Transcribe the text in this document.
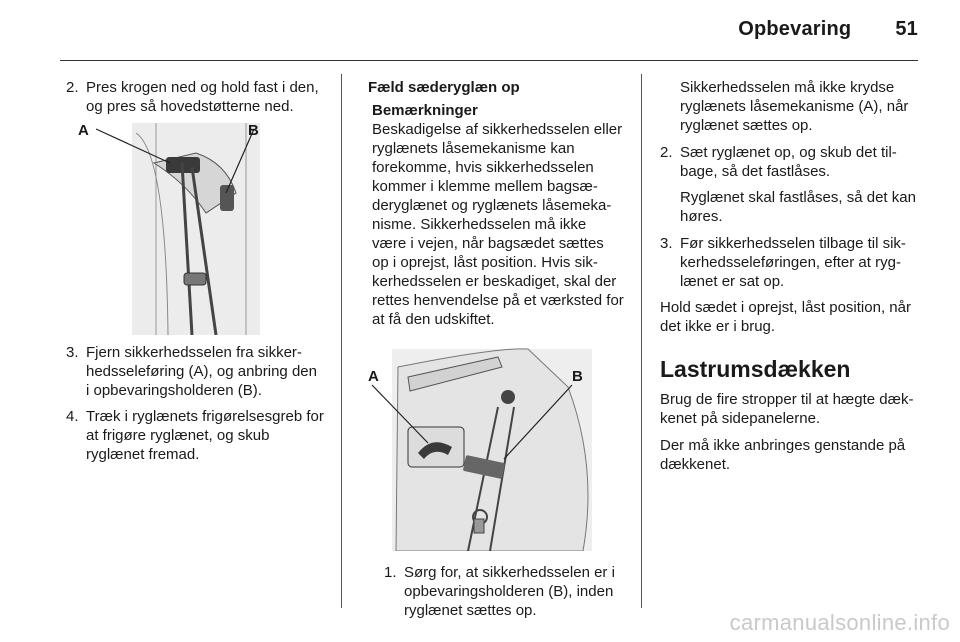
Opbevaring 51
2. Pres krogen ned og hold fast i den, og pres så hovedstøtterne ned.
A	B
3. Fjern sikkerhedsselen fra sikkerhedsseleføring (A), og anbring den i opbevaringsholderen (B).
4. Træk i ryglænets frigørelsesgreb for at frigøre ryglænet, og skub ryglænet fremad.
Fæld sæderyglæn op
Bemærkninger
Beskadigelse af sikkerhedsselen eller ryglænets låsemekanisme kan forekomme, hvis sikkerhedsselen kommer i klemme mellem bagsæderyglænet og ryglænets låsemekanisme. Sikkerhedsselen må ikke være i vejen, når bagsædet sættes op i oprejst, låst position. Hvis sikkerhedsselen er beskadiget, skal der rettes henvendelse på et værksted for at få den udskiftet.
A	B
1. Sørg for, at sikkerhedsselen er i opbevaringsholderen (B), inden ryglænet sættes op.
Sikkerhedsselen må ikke krydse ryglænets låsemekanisme (A), når ryglænet sættes op.
2. Sæt ryglænet op, og skub det tilbage, så det fastlåses.
Ryglænet skal fastlåses, så det kan høres.
3. Før sikkerhedsselen tilbage til sikkerhedsseleføringen, efter at ryglænet er sat op.
Hold sædet i oprejst, låst position, når det ikke er i brug.
Lastrumsdækken
Brug de fire stropper til at hægte dækkenet på sidepanelerne.
Der må ikke anbringes genstande på dækkenet.
carmanualsonline.info
